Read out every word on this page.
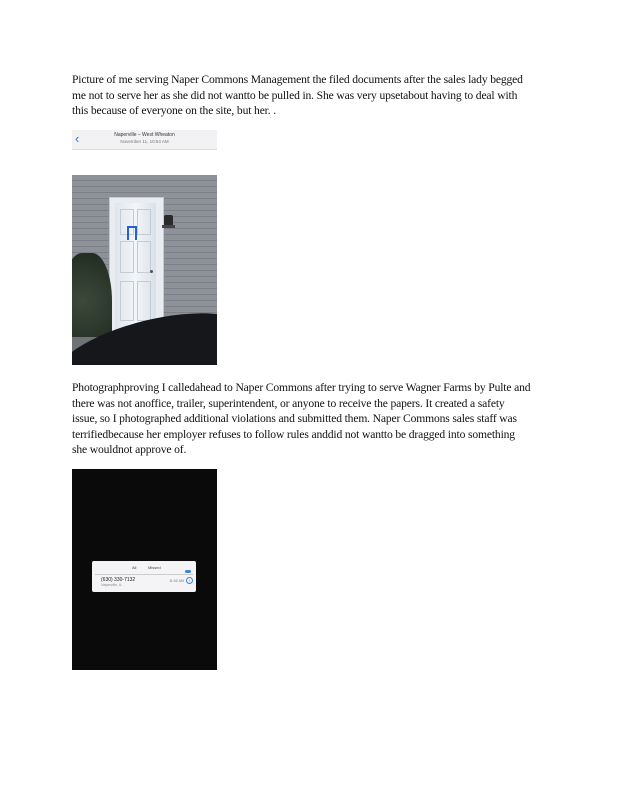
Picture of me serving Naper Commons Management the filed documents after the sales lady begged me not to serve her as she did not wantto be pulled in. She was very upsetabout having to deal with this because of everyone on the site, but her. .
‹	Naperville – West Wheaton
November 11, 10:54 AM
Photographproving I calledahead to Naper Commons after trying to serve Wagner Farms by Pulte and there was not anoffice, trailer, superintendent, or anyone to receive the papers. It created a safety issue, so I photographed additional violations and submitted them. Naper Commons sales staff was terrifiedbecause her employer refuses to follow rules anddid not wantto be dragged into something she wouldnot approve of.
All	Missed
(630) 330-7132
Naperville, IL
11:02 AM	i
